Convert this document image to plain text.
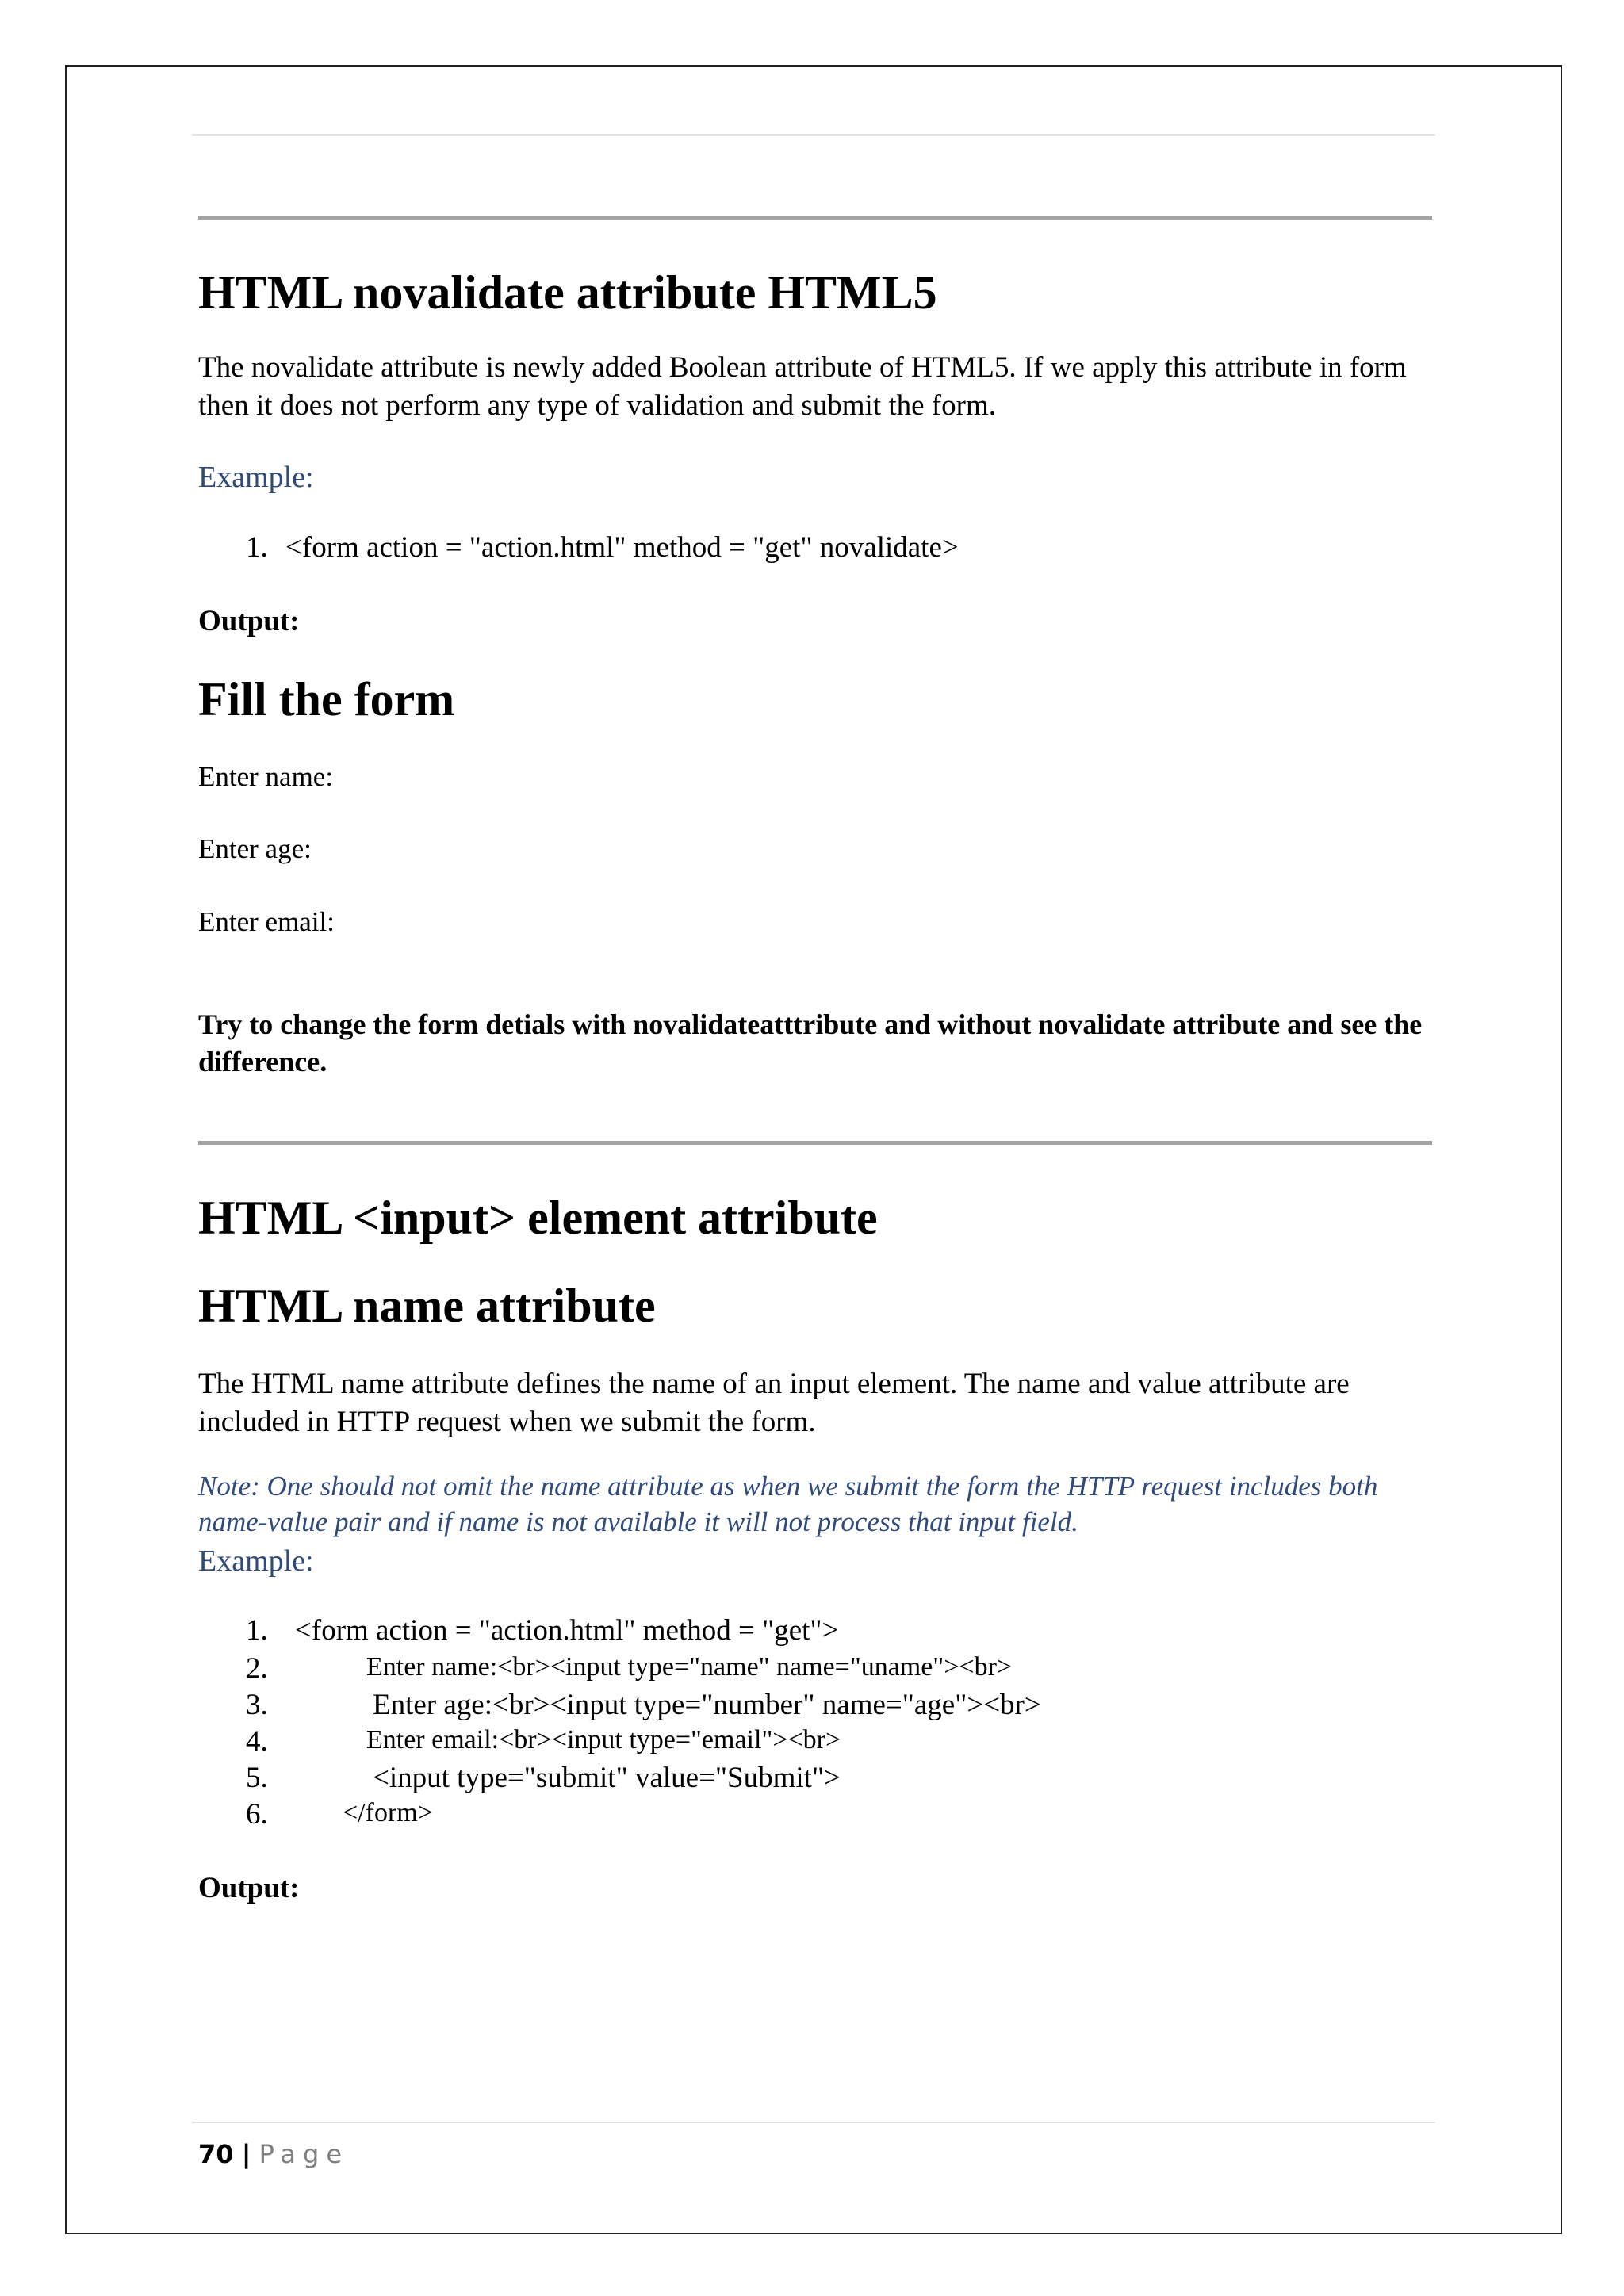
HTML novalidate attribute HTML5

The novalidate attribute is newly added Boolean attribute of HTML5. If we apply this attribute in form then it does not perform any type of validation and submit the form.

Example:

1. <form action = "action.html" method = "get" novalidate>

Output:

Fill the form

Enter name:

Enter age:

Enter email:

Try to change the form detials with novalidateatttribute and without novalidate attribute and see the difference.

HTML <input> element attribute
HTML name attribute

The HTML name attribute defines the name of an input element. The name and value attribute are included in HTTP request when we submit the form.

Note: One should not omit the name attribute as when we submit the form the HTTP request includes both name-value pair and if name is not available it will not process that input field.

Example:

1. <form action = "action.html" method = "get">
2.	Enter name:<br><input type="name" name="uname"><br>
3.	Enter age:<br><input type="number" name="age"><br>
4.	Enter email:<br><input type="email"><br>
5.	<input type="submit" value="Submit">
6.	</form>

Output:

70 | Page
